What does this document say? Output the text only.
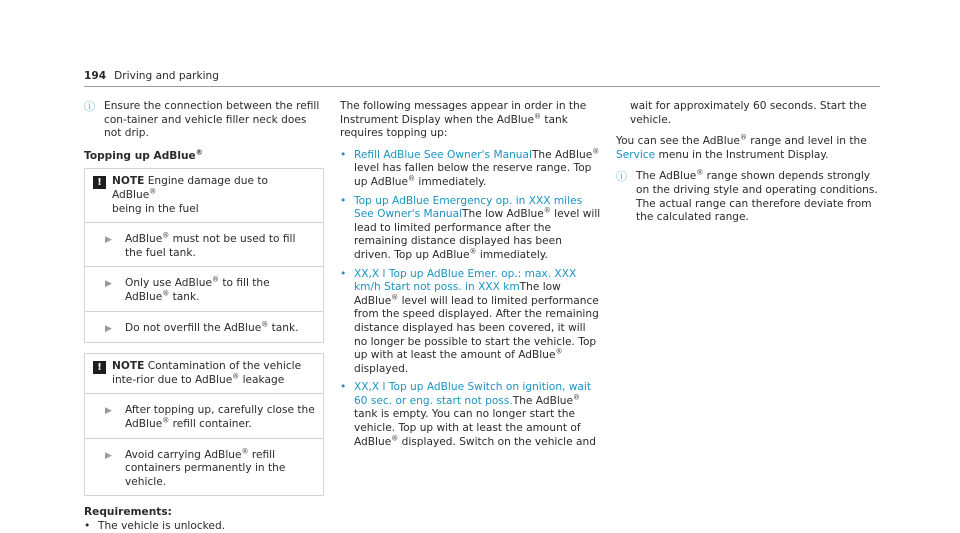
194 Driving and parking
ⓘ Ensure the connection between the refill con-tainer and vehicle filler neck does not drip.
Topping up AdBlue®
! NOTE Engine damage due to AdBlue®
being in the fuel
▶ AdBlue® must not be used to fill the fuel tank.
▶ Only use AdBlue® to fill the AdBlue® tank.
▶ Do not overfill the AdBlue® tank.
! NOTE Contamination of the vehicle inte-rior due to AdBlue® leakage
▶ After topping up, carefully close the AdBlue® refill container.
▶ Avoid carrying AdBlue® refill containers permanently in the vehicle.
Requirements:
• The vehicle is unlocked.

The following messages appear in order in the Instrument Display when the AdBlue® tank requires topping up:

• Refill AdBlue See Owner's ManualThe AdBlue® level has fallen below the reserve range. Top up AdBlue® immediately.
• Top up AdBlue Emergency op. in XXX miles See Owner's ManualThe low AdBlue® level will lead to limited performance after the remaining distance displayed has been driven. Top up AdBlue® immediately.
• XX,X l Top up AdBlue Emer. op.: max. XXX km/h Start not poss. in XXX kmThe low AdBlue® level will lead to limited performance from the speed displayed. After the remaining distance displayed has been covered, it will no longer be possible to start the vehicle. Top up with at least the amount of AdBlue® displayed.
• XX,X l Top up AdBlue Switch on ignition, wait 60 sec. or eng. start not poss.The AdBlue® tank is empty. You can no longer start the vehicle. Top up with at least the amount of AdBlue® displayed. Switch on the vehicle and

wait for approximately 60 seconds. Start the vehicle.

You can see the AdBlue® range and level in the Service menu in the Instrument Display.

ⓘ The AdBlue® range shown depends strongly on the driving style and operating conditions. The actual range can therefore deviate from the calculated range.
